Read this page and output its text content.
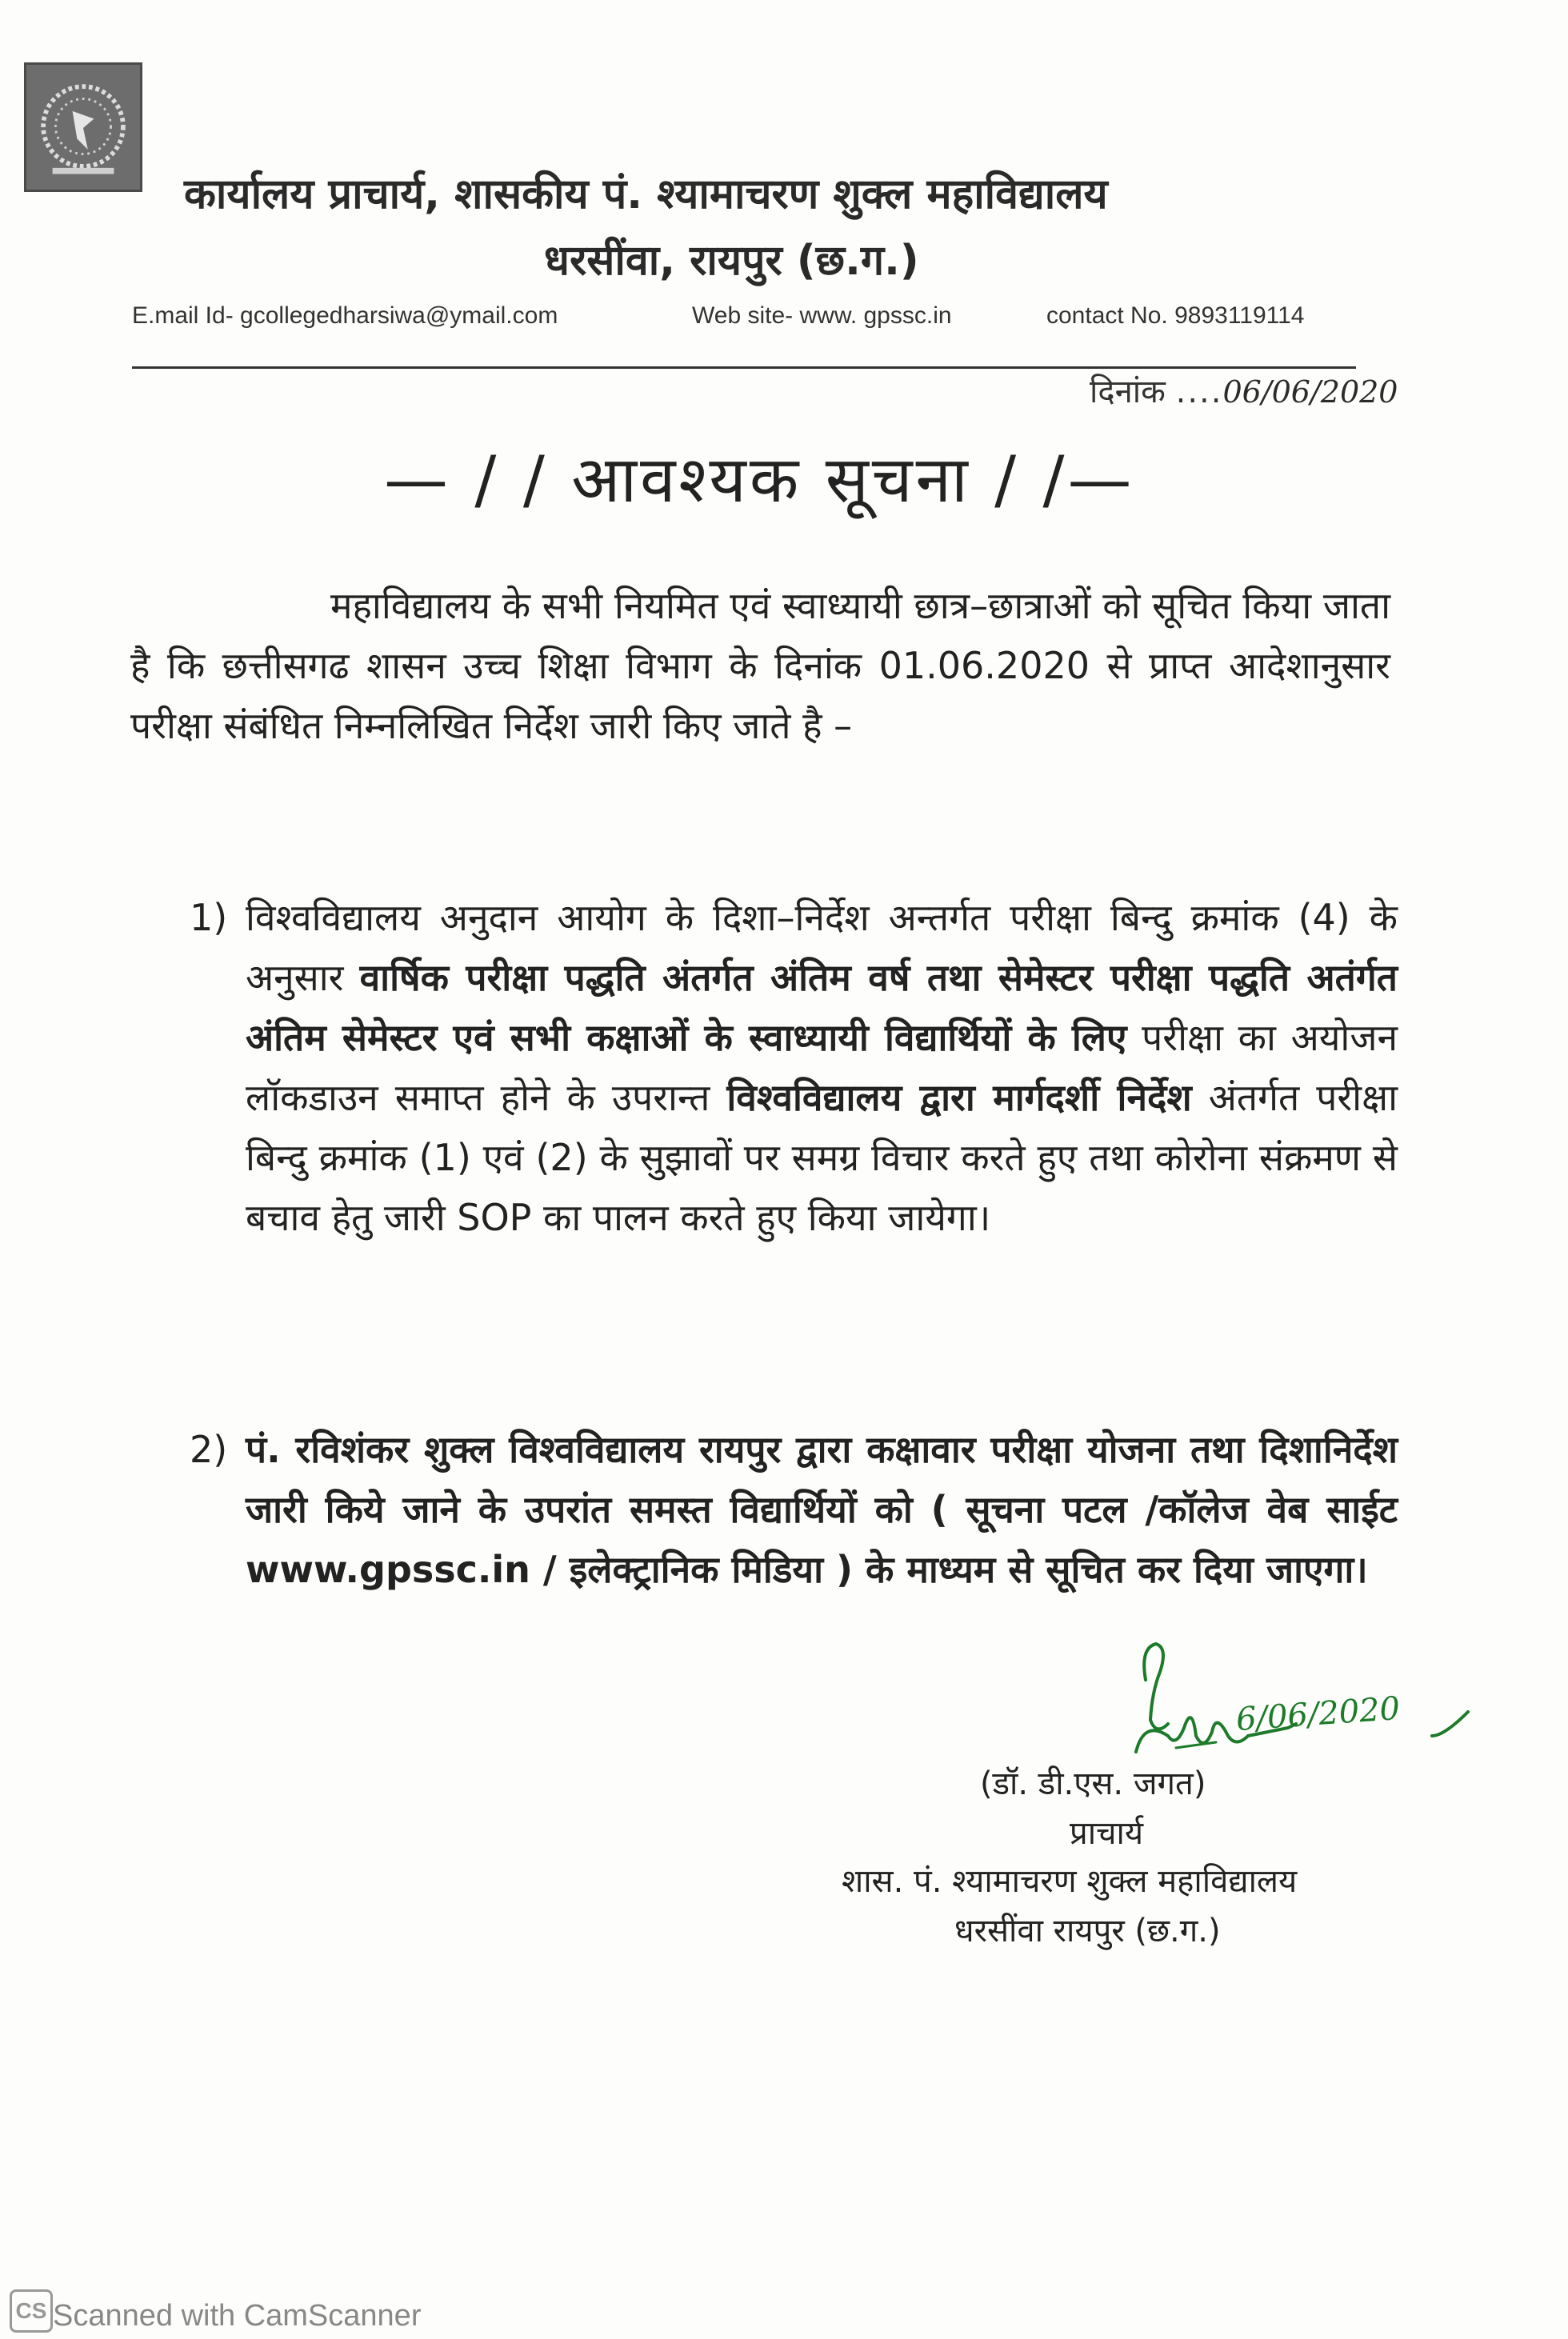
कार्यालय प्राचार्य, शासकीय पं. श्यामाचरण शुक्ल महाविद्यालय
धरसींवा, रायपुर (छ.ग.)
E.mail Id- gcollegedharsiwa@ymail.com	Web site- www. gpssc.in	contact No. 9893119114
दिनांक ....06/06/2020
— / / आवश्यक सूचना / /—
महाविद्यालय के सभी नियमित एवं स्वाध्यायी छात्र–छात्राओं को सूचित किया जाता है कि छत्तीसगढ शासन उच्च शिक्षा विभाग के दिनांक 01.06.2020 से प्राप्त आदेशानुसार परीक्षा संबंधित निम्नलिखित निर्देश जारी किए जाते है –
1) विश्वविद्यालय अनुदान आयोग के दिशा–निर्देश अन्तर्गत परीक्षा बिन्दु क्रमांक (4) के अनुसार वार्षिक परीक्षा पद्धति अंतर्गत अंतिम वर्ष तथा सेमेस्टर परीक्षा पद्धति अतंर्गत अंतिम सेमेस्टर एवं सभी कक्षाओं के स्वाध्यायी विद्यार्थियों के लिए परीक्षा का अयोजन लॉकडाउन समाप्त होने के उपरान्त विश्वविद्यालय द्वारा मार्गदर्शी निर्देश अंतर्गत परीक्षा बिन्दु क्रमांक (1) एवं (2) के सुझावों पर समग्र विचार करते हुए तथा कोरोना संक्रमण से बचाव हेतु जारी SOP का पालन करते हुए किया जायेगा।
2) पं. रविशंकर शुक्ल विश्वविद्यालय रायपुर द्वारा कक्षावार परीक्षा योजना तथा दिशानिर्देश जारी किये जाने के उपरांत समस्त विद्यार्थियों को ( सूचना पटल /कॉलेज वेब साईट www.gpssc.in / इलेक्ट्रानिक मिडिया ) के माध्यम से सूचित कर दिया जाएगा।
6/06/2020
(डॉ. डी.एस. जगत)
प्राचार्य
शास. पं. श्यामाचरण शुक्ल महाविद्यालय
धरसींवा रायपुर (छ.ग.)
CS Scanned with CamScanner
